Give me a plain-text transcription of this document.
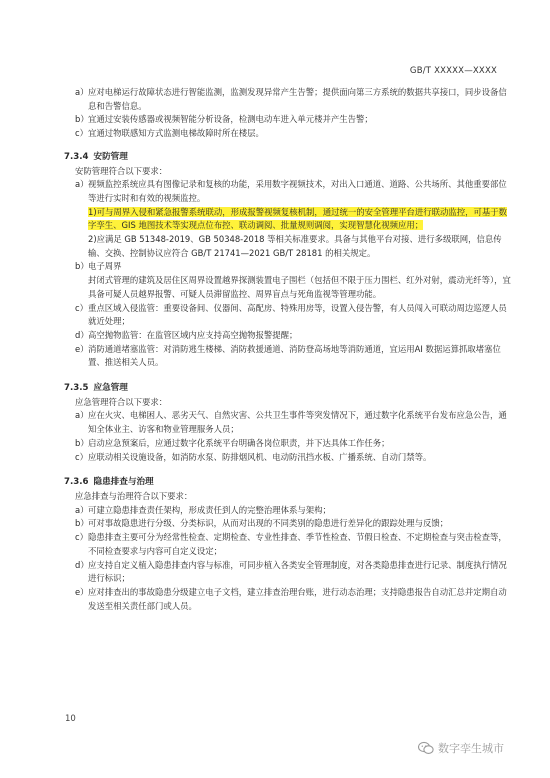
GB/T XXXXX—XXXX
a） 应对电梯运行故障状态进行智能监测，监测发现异常产生告警；提供面向第三方系统的数据共享接口，同步设备信息和告警信息。
b） 宜通过安装传感器或视频智能分析设备，检测电动车进入单元楼并产生告警；
c） 宜通过物联感知方式监测电梯故障时所在楼层。
7.3.4 安防管理
安防管理符合以下要求：
a） 视频监控系统应具有图像记录和复核的功能，采用数字视频技术，对出入口通道、道路、公共场所、其他重要部位等进行实时和有效的视频监控。
1)可与周界入侵和紧急报警系统联动，形成报警视频复核机制，通过统一的安全管理平台进行联动监控，可基于数字孪生、GIS 地图技术等实现点位布控、联动调阅、批量规则调阅，实现智慧化视频应用；
2)应满足 GB 51348-2019、GB 50348-2018 等相关标准要求。具备与其他平台对接、进行多级联网，信息传输、交换、控制协议应符合 GB/T 21741—2021 GB/T 28181 的相关规定。
b） 电子周界
封闭式管理的建筑及居住区周界设置越界探测装置电子围栏（包括但不限于压力围栏、红外对射，震动光纤等），宜具备可疑人员越界报警、可疑人员滞留监控、周界盲点与死角监视等管理功能。
c） 重点区域入侵监管：重要设备间、仪器间、高配房、特殊用房等，设置入侵告警，有人员闯入可联动周边巡逻人员就近处理；
d） 高空抛物监管：在监管区域内应支持高空抛物报警提醒；
e） 消防通道堵塞监管：对消防逃生楼梯、消防救援通道、消防登高场地等消防通道，宜运用AI 数据运算抓取堵塞位置、推送相关人员。
7.3.5 应急管理
应急管理符合以下要求：
a） 应在火灾、电梯困人、恶劣天气、自然灾害、公共卫生事件等突发情况下，通过数字化系统平台发布应急公告，通知全体业主、访客和物业管理服务人员；
b） 启动应急预案后，应通过数字化系统平台明确各岗位职责，并下达具体工作任务；
c） 应联动相关设施设备，如消防水泵、防排烟风机、电动防汛挡水板、广播系统、自动门禁等。
7.3.6 隐患排查与治理
应急排查与治理符合以下要求：
a） 可建立隐患排查责任架构，形成责任到人的完整治理体系与架构；
b） 可对事故隐患进行分级、分类标识，从而对出现的不同类别的隐患进行差异化的跟踪处理与反馈；
c） 隐患排查主要可分为经常性检查、定期检查、专业性排查、季节性检查、节假日检查、不定期检查与突击检查等，不同检查要求与内容可自定义设定；
d） 应支持自定义植入隐患排查内容与标准，可同步植入各类安全管理制度，对各类隐患排查进行记录、制度执行情况进行标识；
e） 应对排查出的事故隐患分级建立电子文档，建立排查治理台账，进行动态治理；支持隐患报告自动汇总并定期自动发送至相关责任部门或人员。
10
数字孪生城市
